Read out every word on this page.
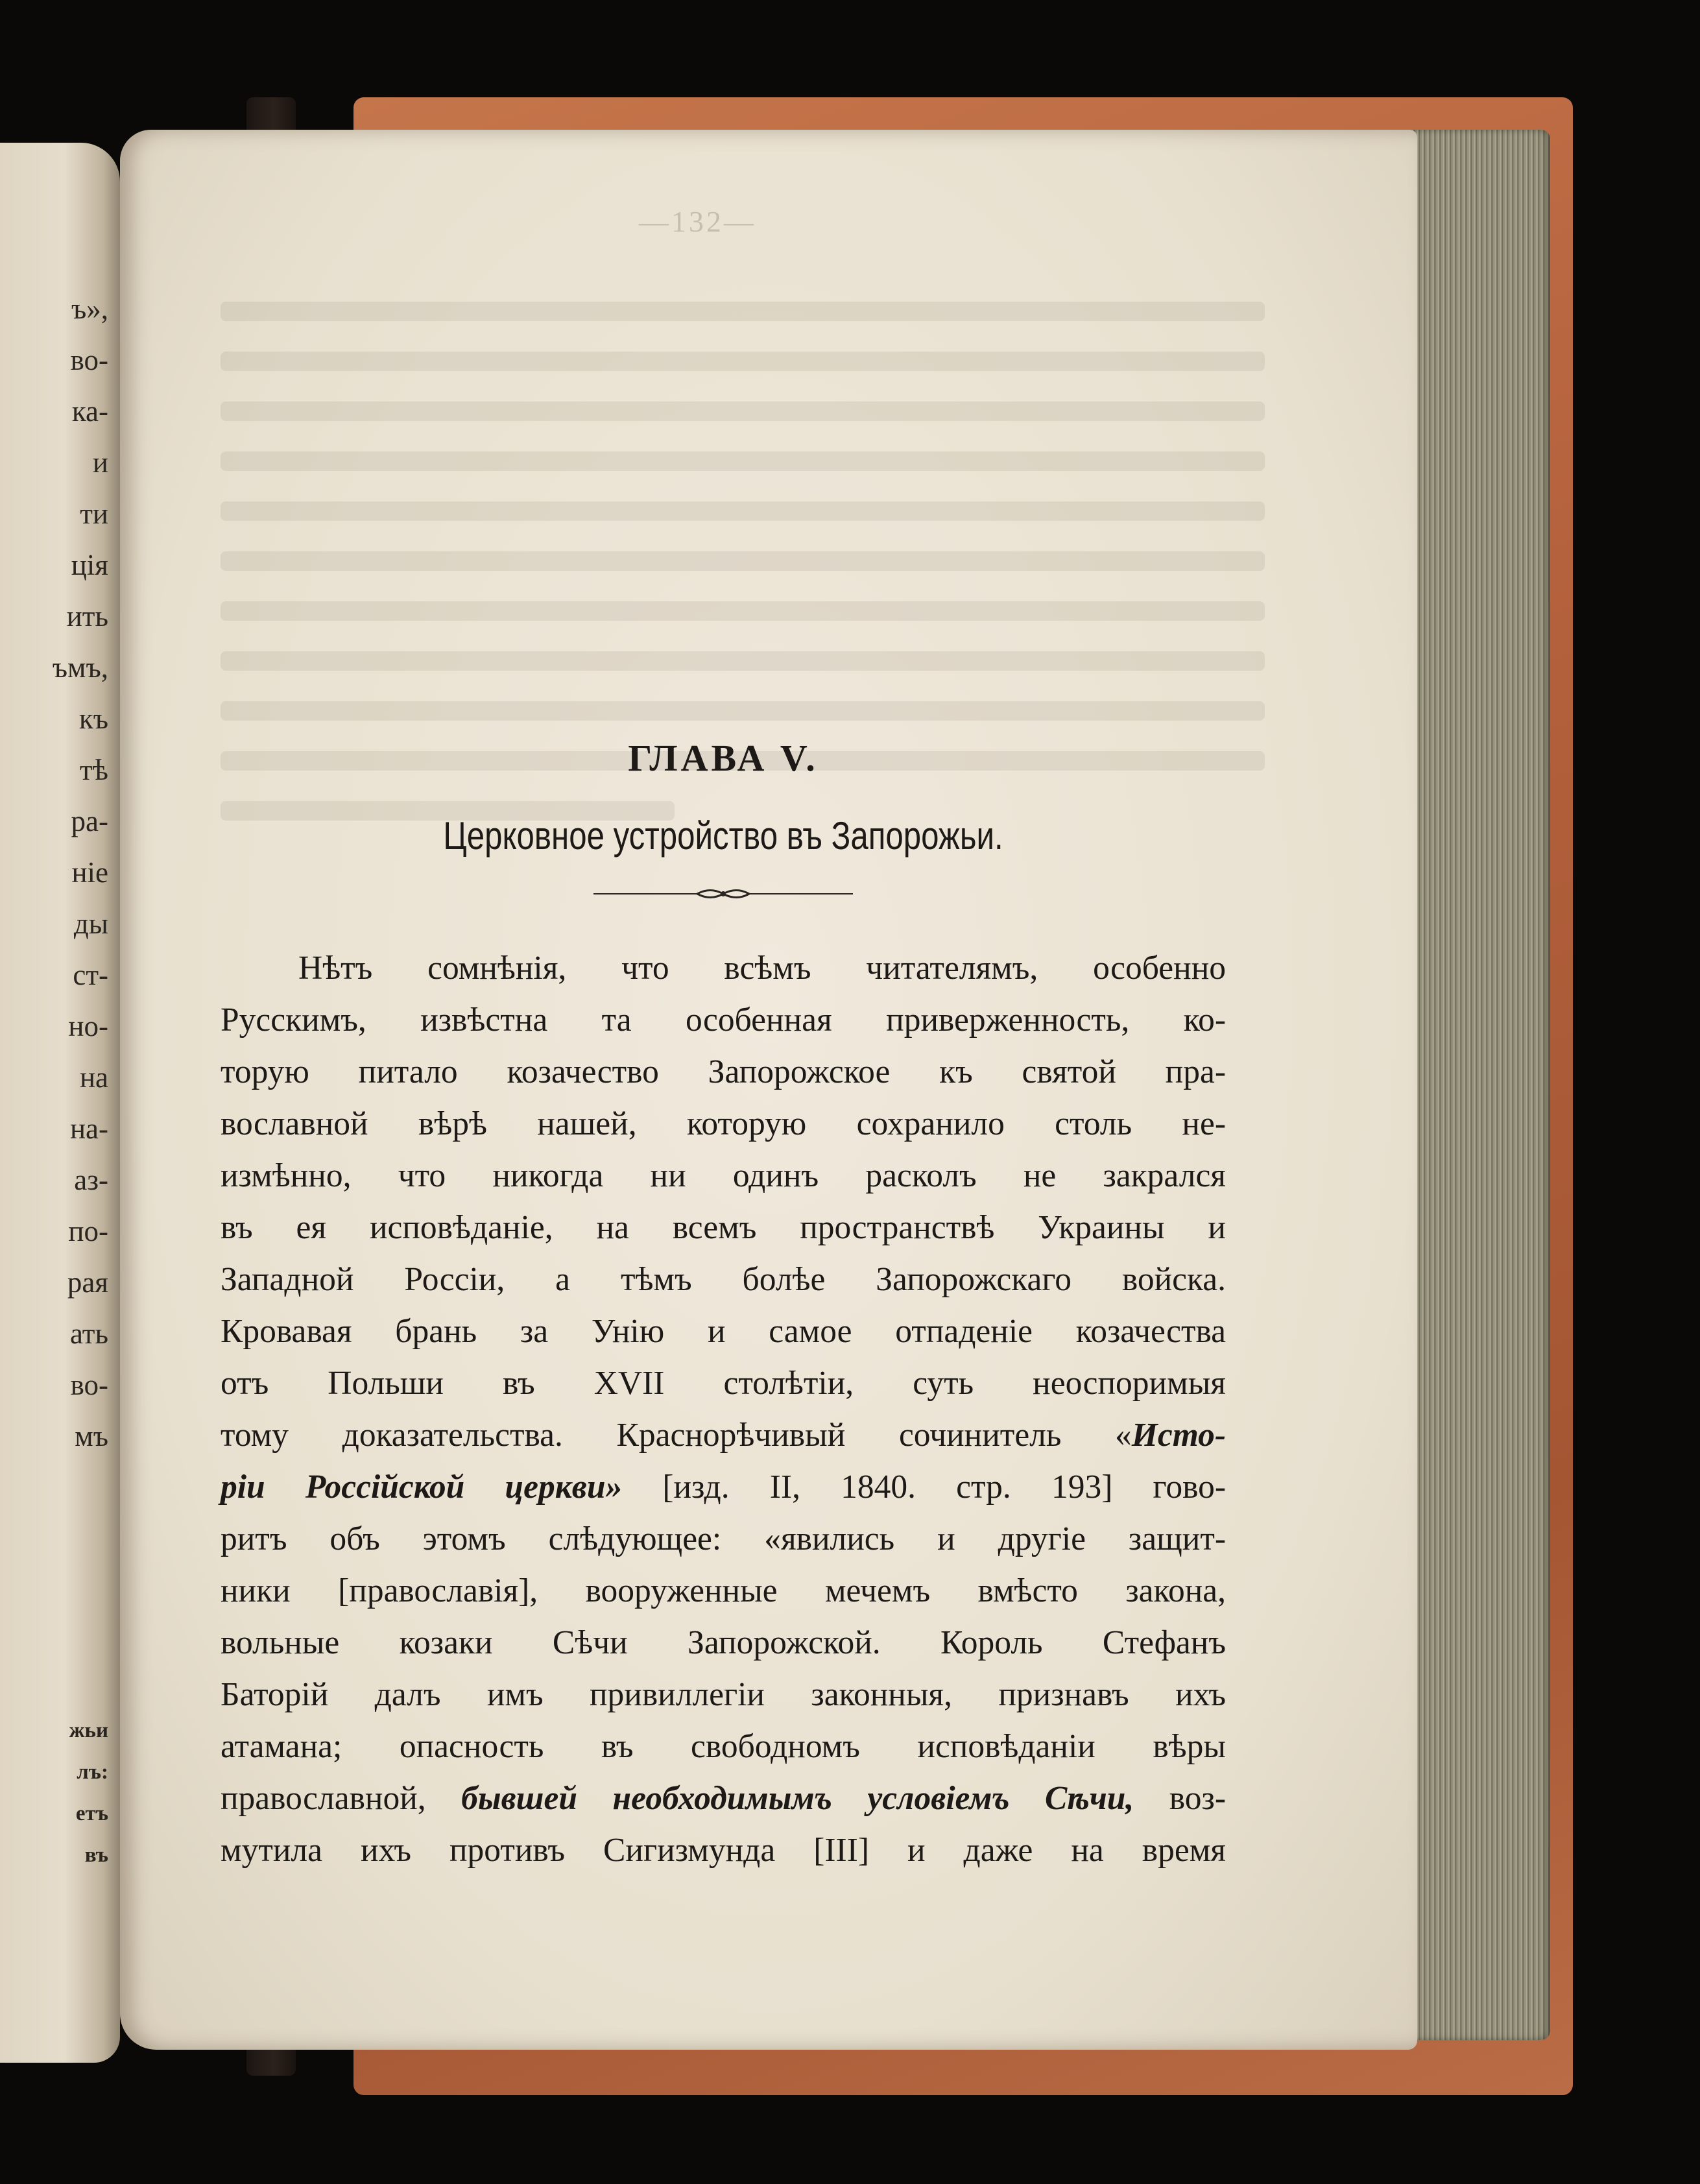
ъ»,
во-
ка-
и
ти
ція
ить
ъмъ,
къ
тѣ
ра-
ніе
ды
ст-
но-
на
на-
аз-
по-
рая
ать
во-
мъ
жьи
лъ:
етъ
въ
—132—
ГЛАВА V.
Церковное устройство въ Запорожьи.
Нѣтъ сомнѣнія, что всѣмъ читателямъ, особенно
Русскимъ, извѣстна та особенная приверженность, ко-
торую питало козачество Запорожское къ святой пра-
вославной вѣрѣ нашей, которую сохранило столь не-
измѣнно, что никогда ни одинъ расколъ не закрался
въ ея исповѣданіе, на всемъ пространствѣ Украины и
Западной Россіи, а тѣмъ болѣе Запорожскаго войска.
Кровавая брань за Унію и самое отпаденіе козачества
отъ Польши въ XVII столѣтіи, суть неоспоримыя
тому доказательства. Краснорѣчивый сочинитель «Исто-
ріи Россійской церкви» [изд. II, 1840. стр. 193] гово-
ритъ объ этомъ слѣдующее: «явились и другіе защит-
ники [православія], вооруженные мечемъ вмѣсто закона,
вольные козаки Сѣчи Запорожской. Король Стефанъ
Баторій далъ имъ привиллегіи законныя, признавъ ихъ
атамана; опасность въ свободномъ исповѣданіи вѣры
православной, бывшей необходимымъ условіемъ Сѣчи, воз-
мутила ихъ противъ Сигизмунда [III] и даже на время
